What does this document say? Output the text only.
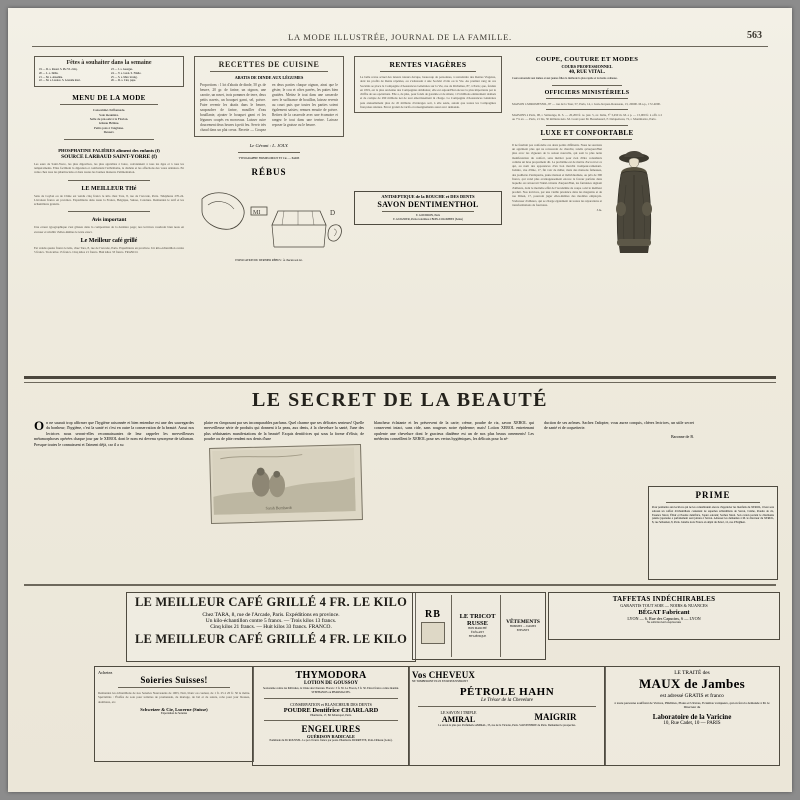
LA MODE ILLUSTRÉE, JOURNAL DE LA FAMILLE.	563
Fêtes à souhaiter dans la semaine
19 — D. s. Raoul. S. Pie VI. évêq.
20 — L. s. Délia.
21 — M. s. Anselme.
22 — M. s. Léonce. S. Léonide mart.
23 — J. s. Georges.
24 — V. s. Léon. S. Fidèle.
25 — S. s. Marc évang.
26 — D. s. Clet, pape.
MENU DE LA MODE
Consommé chiffonnade.
Sole meunière.
Selle de pré-salé à la Florian.
Gâteau Hélène.
Petits pois à l'anglaise.
Dessert.
PHOSPHATINE FALIÈRES aliment des enfants (f)
SOURCE LARBAUD SAINT-YORRE (f)
Les eaux de Saint-Yorre, les plus digestives, les plus agréables à boire, conviennent à tous les âges et à tous les tempéraments. Elles facilitent la digestion et combattent l'arthritisme, le diabète et les affections des voies urinaires. En vente chez tous les pharmaciens et dans toutes les bonnes maisons d'alimentation.
LE MEILLEUR THé
Sans de Ceylan ou de Chine est vendu cinq francs le kilo chez Tara, 8, rue de l'Arcade, Paris. Téléphone 270-24. Livraison franco en province. Expéditions dans toute la France, Belgique, Suisse, Colonies. Demandez le tarif et les échantillons gratuits.
Avis important
Une erreur typographique s'est glissée dans la composition de la dernière page; nos lectrices voudront bien nous en excuser et rétablir d'elles-mêmes le texte exact.
Le Meilleur café grillé
Est vendu quatre francs le kilo, chez Tara, 8, rue de l'Arcade, Paris. Expéditions en province. Un kilo-échantillon contre 5 francs. Trois kilos 13 francs. Cinq kilos 21 francs. Huit kilos 33 francs. FRANCO.
RECETTES DE CUISINE
ABATIS DE DINDE AUX LÉGUMES
Proportions : 1 lot d'abatis de dinde, 50 gr. de beurre, 20 gr. de farine, un oignon, une carotte, un navet, trois pommes de terre, deux petits navets, un bouquet garni, sel, poivre. Faire revenir les abatis dans le beurre, saupoudrer de farine, mouiller d'eau bouillante, ajouter le bouquet garni et les légumes coupés en morceaux. Laisser cuire doucement deux heures à petit feu. Servir très chaud dans un plat creux. Recette — Coupez en deux parties chaque oignon, ainsi que le gésier, le cou et côtes parées, les pattes bien grattées. Mettez le tout dans une casserole avec le suffisance de bouillon, laissez revenir au court puis que toutes les parties soient également saisies; remuez ensuite de poivre. Retirez de la casserole avec une écumoire et rangez le tout dans une terrine. Laissez reposer la graisse ou le beurre.
Le Gérant : L. JOLY.
TYPOGRAPHIE FIRMIN-DIDOT ET Cie. — PARIS
RÉBUS
MI	D
EXPLICATION DU DERNIER RÉBUS : À chacun son lot.
RENTES VIAGÈRES
La belle revue actuel des tuteurs tuteurs décupe, beaucoup de personnes, à restreindre des Rentes Viagères, dont les profits de Rente répétées, ou s'adressant à une Société civile ou la Vie. Au premier rang de ces Sociétés se place la Compagnie d'Assurances Générales sur la Vie, rue de Richelieu, 87, à Paris; que, fondée en 1819, est la plus ancienne des Compagnies similaires; elle est aujourd'hui encore la plus importante par le chiffre de ses opérations. Elle a, de plus, pour fonds de garantie et de sûreté, 113 millions entièrement réalisés et de compte de 290 millions net de tout amortissement ni charge. La Compagnie d'Assurances Générales paie annuellement plus de 45 millions d'arrérages soit, à elle seule, autant que toutes les Compagnies françaises réunies. Envoi gratuit de tarifs et renseignements aussi avec demande.
ANTISEPTIQUE de la BOUCHE et DES DENTS
SAVON DENTIMENTHOL
E. GOUDRON, Paris
E. GUIGNIER, Paris-Colombes à BOIS-COLOMBES (Seine)
COUPE, COUTURE ET MODES
COURS PROFESSIONNEL
40, RUE VITAL.
Cours renouvelé aux dames et aux jeunes filles la méthode la plus rapide et la moins coûteuse.
OFFICIERS MINISTÉRIELS
MAISON à MIROMESNIL, 87 — rue de la Tour, 57, Paris, 14, r. Jean-Jacques-Rousseau, 13, 20600. M.a.p., 172-4000.
MAISONS à Paris, 98, r. Saintonge, R. S. — 20,200 fr. re. just. 5, av. Italie, 5° 3,450 m. M. a p. — 15,000 fr. à offr. à 2 ou 7% ex. — Paris, 21 bis, 30 millions nets. M. Court pour M. Beaudouard, F. Dalquetteau, 72, r. Montmartre, Paris.
LUXE ET CONFORTABLE
Il ne faudrait pas confondre ces deux points différents. Nous ne saurions un agrément plus qui ne retrouvent de cherché, tandis qu'aujourd'hui plus avec les vigueurs de la saison nouvelle, qui sont la plus nette manifestation du confort, sans mériter pour rien d'être considérés comme un luxe proprement dit. Le problème est de mettre d'accord et ce qui, au nom des apparences d'un bon marché trompeur-ramenant-Judaïre, vue d'âme, 17, fin voir de mêler, mais des maisons fameuses, des joaillerie d'antiquaire, jeune maison et individualisée, ou prix de 300 francs, qui vend plus avantageusement encore la faveur parfaite dans laquelle on retrouvait l'idéal-vérante d'aujourd'hui, les fantaisies régnant d'ailleurs, dont le moindre effet de l'Académie de coupe a été le meilleur produit. Nos lectrices, par une vieille prudence dans les magasins et de rue Dinan, 17, pourront juger elles-mêmes des modèles employés. S'adresser d'ailleurs, qui se charge également de toutes les réparations et transformations de fourrures.
J. G.
LE SECRET DE LA BEAUTÉ
O n ne saurait trop affirmer que l'hygiène raisonnée et bien entendue est une des sauvegardes du bonheur; l'hygiène, c'est la santé et c'est en outre la conservation de la beauté. Aussi nos lectrices nous seront-elles reconnaissantes de leur rappeler les merveilleuses métamorphoses opérées chaque jour par le XEROL dont le nom est devenu synonyme de talisman. Presque toutes le connaissent et l'aiment déjà, car il a su
plaire en s'imposant par ses incomparables parfums. Quel charme que ses délicates senteurs! Quelle merveilleuse série de produits qui donnent à la peau, aux dents, à la chevelure la santé, l'une des plus séduisantes manifestations de la beauté! Exquis dentifrices qui sous la forme d'élixir, de poudre ou de pâte rendent nos dents d'une
Sarah Bernhardt
blancheur éclatante et les préservent de la carie; crème, poudre de riz, savon XEROL qui conservent intact, sans ride, sans rougeurs notre épiderme; mais! Lotion XEROL entretenant opulente une chevelure dont le gracieux diadème est un de nos plus beaux ornements! Les médecins conseillent le XEROL pour ses vertus hygiéniques, les délicats pour la sé-
duction de ses arômes. Sachez l'adopter, vous aurez conquis, chères lectrices, un utile secret de santé et de coquetterie.
Baronne de B.
PRIME
Pour permettre aux lectrices qui ne les connaîtraient encore d'apprécier les bienfaits du XEROL, il leur sera adressé un coffret d'échantillons contenant de superbes échantillons de Savon, Crème, Poudre de riz, Essence Xérol, Élixir et Poudre dentifrice, l'apier odorant; Sachez Xérol. Son carton portant le charmante palette japonaise a parfaitement sont jointes à l'envoi. Adresser les demandes à M. le directeur du XEROL, 8, rue Sébastien, 8, Paris. Joindre trois Francs en dépôt du Xérol, 12, rue d'Enghien.
LE MEILLEUR CAFÉ GRILLÉ 4 FR. LE KILO
Chez TARA, 8, rue de l'Arcade, Paris. Expéditions en province.
Un kilo-échantillon contre 5 francs. — Trois kilos 13 francs.
Cinq kilos 21 francs. — Huit kilos 33 francs. FRANCO.
LE MEILLEUR CAFÉ GRILLÉ 4 FR. LE KILO
RB	LE TRICOT RUSSE
BON MARCHÉ
ÉLÉGANT
HYGIÉNIQUE
VÊTEMENTS
HOMMES — DAMES
ENFANTS
TAFFETAS INDÉCHIRABLES
GARANTIS TOUT SOIE — NOIRS & NUANCES
BÉGAT Fabricant
LYON — 6, Rue des Capucins, 6 — LYON
Ne sollicite rien lorsqu'aucune
Achetez
Soieries Suisses!
Demandez les échantillons de nos Soieries Nouveautés de 1903, Noir, blanc ou couleur, de 1 fr. 25 à 20 fr. 50 le mètre. Spécialités : Étoffes de soie pour toilettes de promenade, de mariage, de bal et de soirée, robe pour jour blouses, doublures, etc.
Schweizer & Cie, Lucerne (Suisse)
Exportation de Soieries
THYMODORA
LOTION DE GOUSSOY
Souveraine contre les Pellicules, la Chute des Cheveux. Flacon : 3 fr. 50. Le Flacon, 3 fr. 50. Envoi franco contre mandat. STEPHANOS ou PHARMACIES.
CONSERVATION et BLANCHEUR DES DENTS
POUDRE Dentifrice CHARLARD
Pharmacie, 17, Bd Sébastopol, Paris.
ENGELURES
GUÉRISON RADICALE
Pommade du Dr ROUSSEL. Le pot 2 francs franco par poste. Pharmacie DURRETTE, Pont-Château (Loire).
Vos CHEVEUX
NE TOMBERONT PLUS EN REPOUSSERONT
PÉTROLE HAHN
Le Trésor de la Chevelure
LE SAVON I TRIPLE
AMIRAL	MAIGRIR
Le savon le plus pur. Parfumerie AMIRAL, 35, rue de la Victoire, Paris. SAVONNERIE de Paris. Demandez le prospectus.
LE TRAITÉ des
MAUX de Jambes
est adressé GRATIS et franco
à toute personne souffrant de Varices, Phlébites, Plaies et Ulcères, Eczémas variqueux, qui en fera la demande à M. le Directeur du
Laboratoire de la Varicine
10, Rue Cadet, 10 — PARIS
